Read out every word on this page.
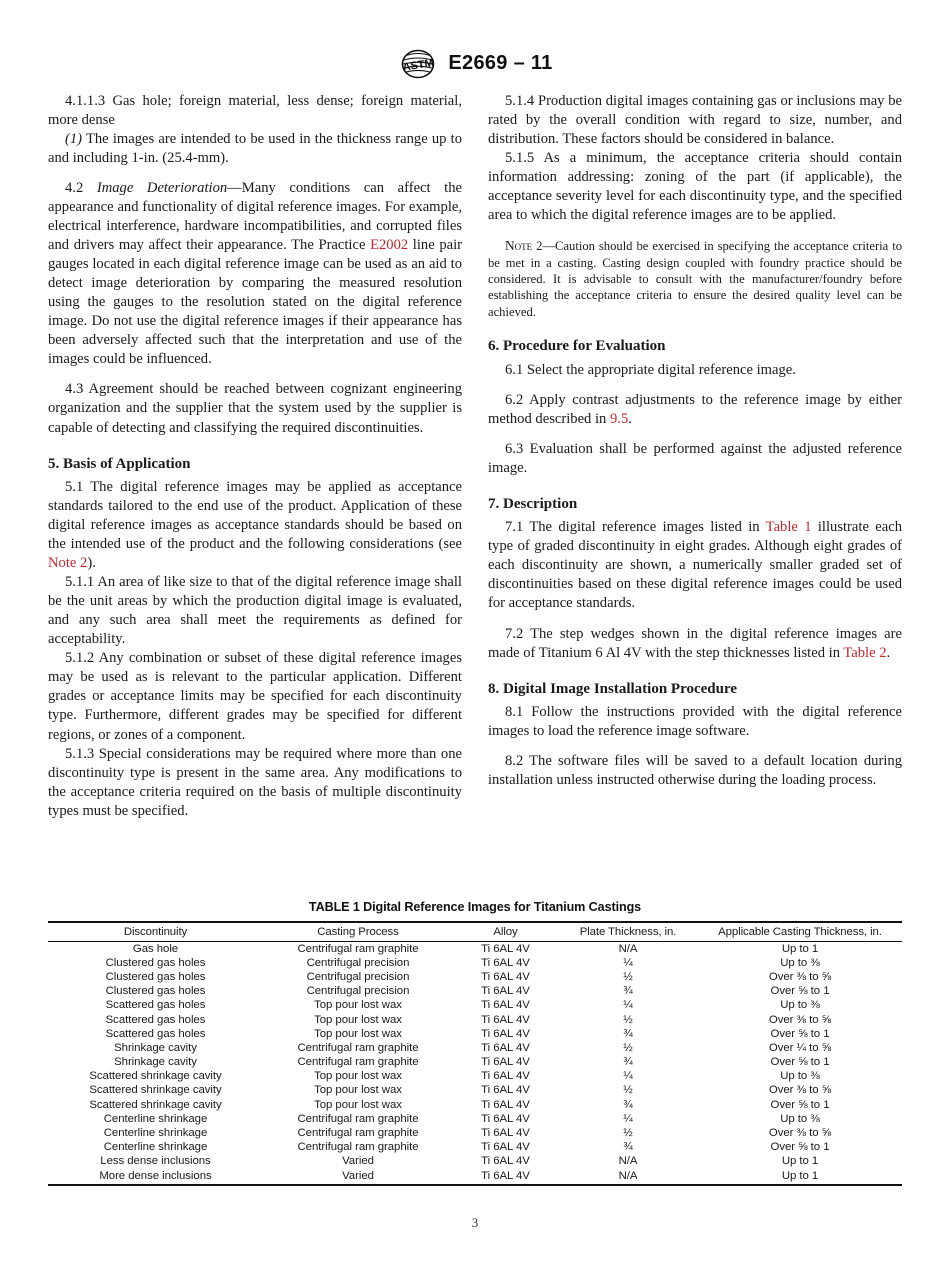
ASTM E2669 – 11

4.1.1.3 Gas hole; foreign material, less dense; foreign material, more dense

(1) The images are intended to be used in the thickness range up to and including 1-in. (25.4-mm).

4.2 Image Deterioration—Many conditions can affect the appearance and functionality of digital reference images. For example, electrical interference, hardware incompatibilities, and corrupted files and drivers may affect their appearance. The Practice E2002 line pair gauges located in each digital reference image can be used as an aid to detect image deterioration by comparing the measured resolution using the gauges to the resolution stated on the digital reference image. Do not use the digital reference images if their appearance has been adversely affected such that the interpretation and use of the images could be influenced.

4.3 Agreement should be reached between cognizant engineering organization and the supplier that the system used by the supplier is capable of detecting and classifying the required discontinuities.

5. Basis of Application

5.1 The digital reference images may be applied as acceptance standards tailored to the end use of the product. Application of these digital reference images as acceptance standards should be based on the intended use of the product and the following considerations (see Note 2).

5.1.1 An area of like size to that of the digital reference image shall be the unit areas by which the production digital image is evaluated, and any such area shall meet the requirements as defined for acceptability.

5.1.2 Any combination or subset of these digital reference images may be used as is relevant to the particular application. Different grades or acceptance limits may be specified for each discontinuity type. Furthermore, different grades may be specified for different regions, or zones of a component.

5.1.3 Special considerations may be required where more than one discontinuity type is present in the same area. Any modifications to the acceptance criteria required on the basis of multiple discontinuity types must be specified.

5.1.4 Production digital images containing gas or inclusions may be rated by the overall condition with regard to size, number, and distribution. These factors should be considered in balance.

5.1.5 As a minimum, the acceptance criteria should contain information addressing: zoning of the part (if applicable), the acceptance severity level for each discontinuity type, and the specified area to which the digital reference images are to be applied.

Note 2—Caution should be exercised in specifying the acceptance criteria to be met in a casting. Casting design coupled with foundry practice should be considered. It is advisable to consult with the manufacturer/foundry before establishing the acceptance criteria to ensure the desired quality level can be achieved.

6. Procedure for Evaluation

6.1 Select the appropriate digital reference image.

6.2 Apply contrast adjustments to the reference image by either method described in 9.5.

6.3 Evaluation shall be performed against the adjusted reference image.

7. Description

7.1 The digital reference images listed in Table 1 illustrate each type of graded discontinuity in eight grades. Although eight grades of each discontinuity are shown, a numerically smaller graded set of discontinuities based on these digital reference images could be used for acceptance standards.

7.2 The step wedges shown in the digital reference images are made of Titanium 6 Al 4V with the step thicknesses listed in Table 2.

8. Digital Image Installation Procedure

8.1 Follow the instructions provided with the digital reference images to load the reference image software.

8.2 The software files will be saved to a default location during installation unless instructed otherwise during the loading process.

TABLE 1 Digital Reference Images for Titanium Castings
Discontinuity	Casting Process	Alloy	Plate Thickness, in.	Applicable Casting Thickness, in.
Gas hole	Centrifugal ram graphite	Ti 6AL 4V	N/A	Up to 1
Clustered gas holes	Centrifugal precision	Ti 6AL 4V	¼	Up to ⅜
Clustered gas holes	Centrifugal precision	Ti 6AL 4V	½	Over ⅜ to ⅝
Clustered gas holes	Centrifugal precision	Ti 6AL 4V	¾	Over ⅝ to 1
Scattered gas holes	Top pour lost wax	Ti 6AL 4V	¼	Up to ⅜
Scattered gas holes	Top pour lost wax	Ti 6AL 4V	½	Over ⅜ to ⅝
Scattered gas holes	Top pour lost wax	Ti 6AL 4V	¾	Over ⅝ to 1
Shrinkage cavity	Centrifugal ram graphite	Ti 6AL 4V	½	Over ¼ to ⅝
Shrinkage cavity	Centrifugal ram graphite	Ti 6AL 4V	¾	Over ⅝ to 1
Scattered shrinkage cavity	Top pour lost wax	Ti 6AL 4V	¼	Up to ⅜
Scattered shrinkage cavity	Top pour lost wax	Ti 6AL 4V	½	Over ⅜ to ⅝
Scattered shrinkage cavity	Top pour lost wax	Ti 6AL 4V	¾	Over ⅝ to 1
Centerline shrinkage	Centrifugal ram graphite	Ti 6AL 4V	¼	Up to ⅜
Centerline shrinkage	Centrifugal ram graphite	Ti 6AL 4V	½	Over ⅜ to ⅝
Centerline shrinkage	Centrifugal ram graphite	Ti 6AL 4V	¾	Over ⅝ to 1
Less dense inclusions	Varied	Ti 6AL 4V	N/A	Up to 1
More dense inclusions	Varied	Ti 6AL 4V	N/A	Up to 1
3
